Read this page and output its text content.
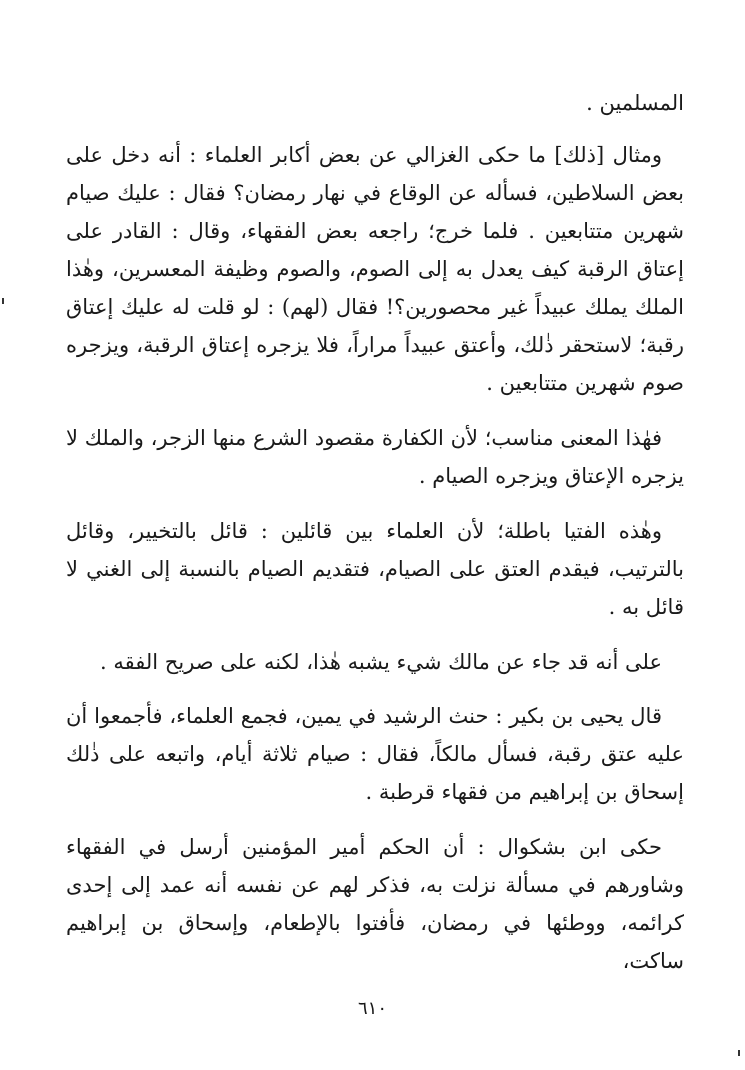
المسلمين .

ومثال [ذلك] ما حكى الغزالي عن بعض أكابر العلماء : أنه دخل على بعض السلاطين، فسأله عن الوقاع في نهار رمضان؟ فقال : عليك صيام شهرين متتابعين . فلما خرج؛ راجعه بعض الفقهاء، وقال : القادر على إعتاق الرقبة كيف يعدل به إلى الصوم، والصوم وظيفة المعسرين، وهٰذا الملك يملك عبيداً غير محصورين؟! فقال (لهم) : لو قلت له عليك إعتاق رقبة؛ لاستحقر ذٰلك، وأعتق عبيداً مراراً، فلا يزجره إعتاق الرقبة، ويزجره صوم شهرين متتابعين .

فهٰذا المعنى مناسب؛ لأن الكفارة مقصود الشرع منها الزجر، والملك لا يزجره الإعتاق ويزجره الصيام .

وهٰذه الفتيا باطلة؛ لأن العلماء بين قائلين : قائل بالتخيير، وقائل بالترتيب، فيقدم العتق على الصيام، فتقديم الصيام بالنسبة إلى الغني لا قائل به .

على أنه قد جاء عن مالك شيء يشبه هٰذا، لكنه على صريح الفقه .

قال يحيى بن بكير : حنث الرشيد في يمين، فجمع العلماء، فأجمعوا أن عليه عتق رقبة، فسأل مالكاً، فقال : صيام ثلاثة أيام، واتبعه على ذٰلك إسحاق بن إبراهيم من فقهاء قرطبة .

حكى ابن بشكوال : أن الحكم أمير المؤمنين أرسل في الفقهاء وشاورهم في مسألة نزلت به، فذكر لهم عن نفسه أنه عمد إلى إحدى كرائمه، ووطئها في رمضان، فأفتوا بالإطعام، وإسحاق بن إبراهيم ساكت،

٦١٠
